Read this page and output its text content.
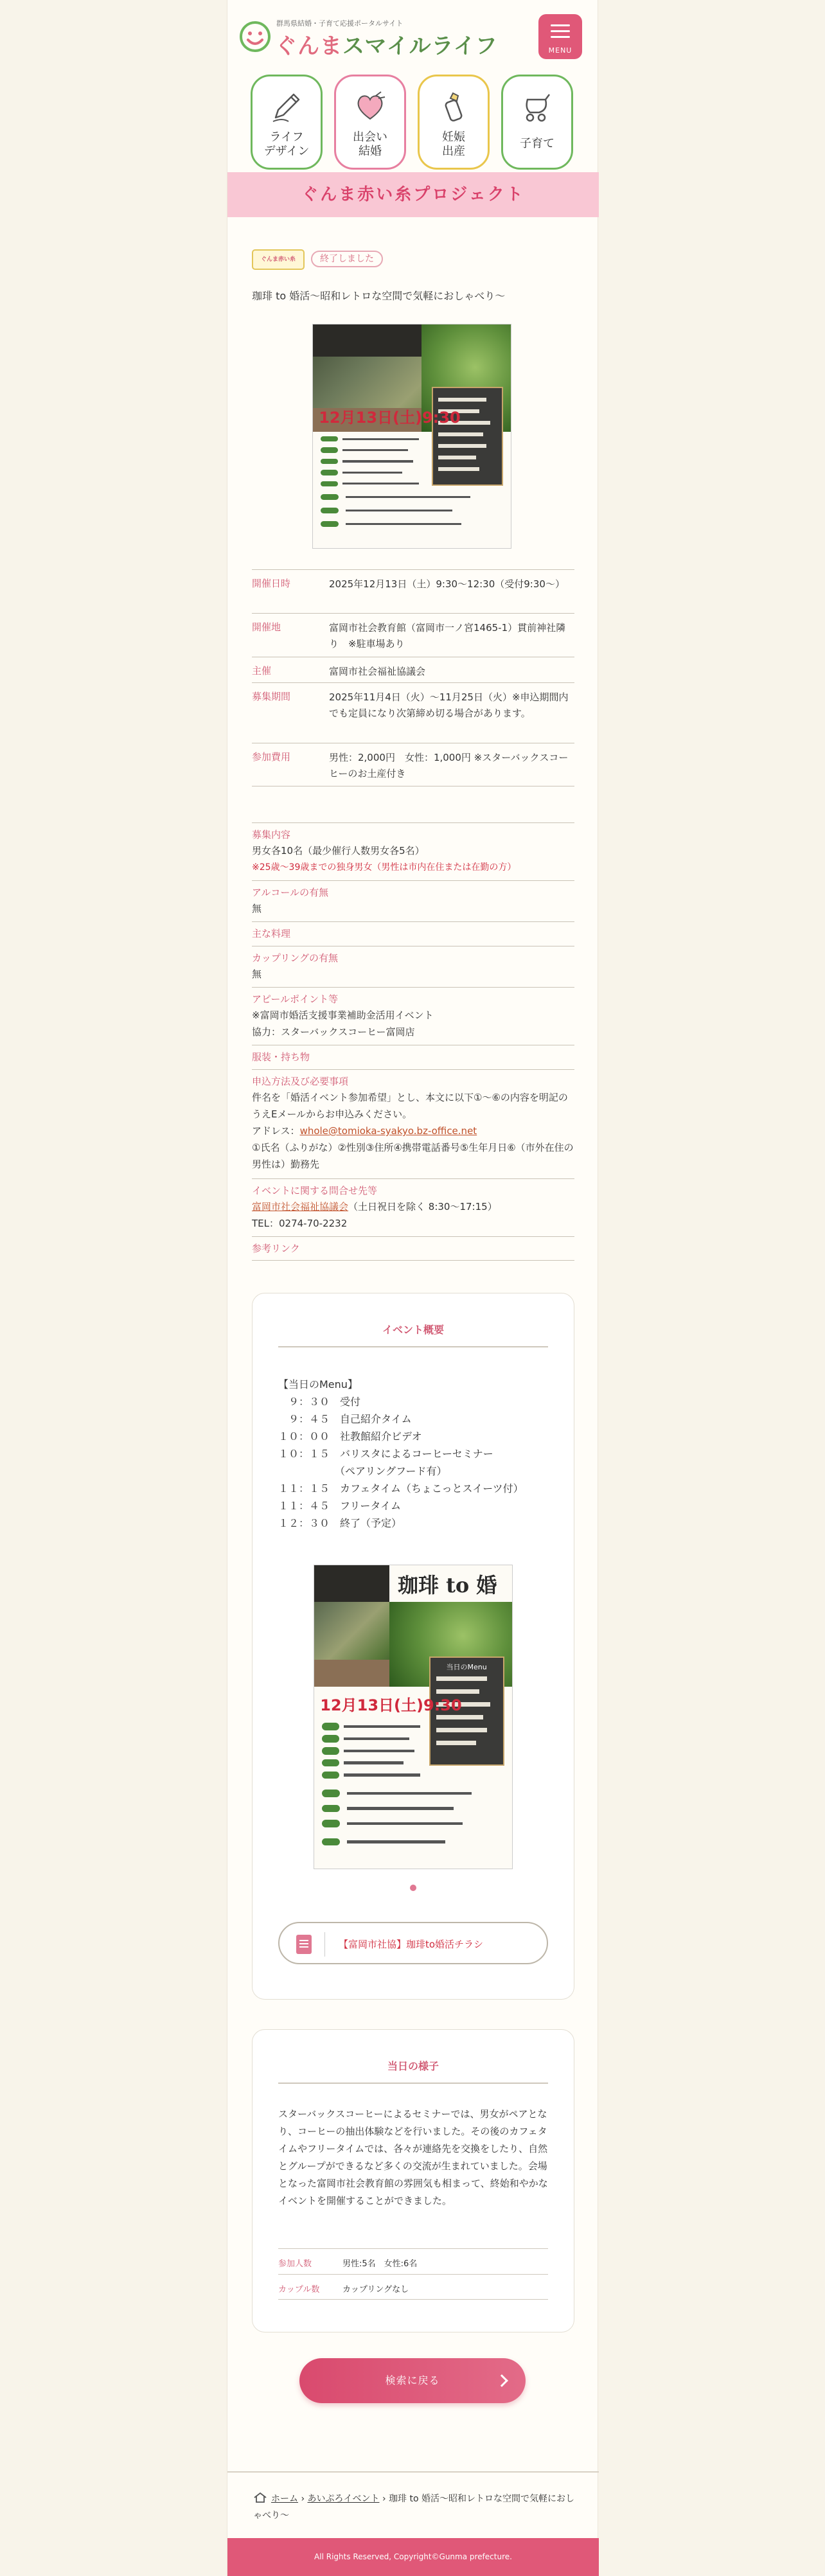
群馬県結婚・子育て応援ポータルサイト
ぐんまスマイルライフ	MENU
ライフ
デザイン
出会い
結婚
妊娠
出産
子育て
ぐんま赤い糸プロジェクト
ぐんま赤い糸	終了しました
珈琲 to 婚活〜昭和レトロな空間で気軽におしゃべり〜
12月13日(土)9:30
開催日時	2025年12月13日（土）9:30〜12:30（受付9:30〜）
開催地	富岡市社会教育館（富岡市一ノ宮1465-1）貫前神社隣り　※駐車場あり
主催	富岡市社会福祉協議会
募集期間	2025年11月4日（火）〜11月25日（火）※申込期間内でも定員になり次第締め切る場合があります。
参加費用	男性：2,000円　女性：1,000円 ※スターバックスコーヒーのお土産付き
募集内容
男女各10名（最少催行人数男女各5名）
※25歳〜39歳までの独身男女（男性は市内在住または在勤の方）
アルコールの有無
無
主な料理
カップリングの有無
無
アピールポイント等
※富岡市婚活支援事業補助金活用イベント
協力：スターバックスコーヒー富岡店
服装・持ち物
申込方法及び必要事項
件名を「婚活イベント参加希望」とし、本文に以下①〜⑥の内容を明記のうえEメールからお申込みください。
アドレス：whole@tomioka-syakyo.bz-office.net
①氏名（ふりがな）②性別③住所④携帯電話番号⑤生年月日⑥（市外在住の男性は）勤務先
イベントに関する問合せ先等
富岡市社会福祉協議会（土日祝日を除く 8:30〜17:15）
TEL：0274-70-2232
参考リンク
イベント概要
【当日のMenu】
　９：３０　受付
　９：４５　自己紹介タイム
１０：００　社教館紹介ビデオ
１０：１５　バリスタによるコーヒーセミナー
　　　　　　（ペアリングフード有）
１１：１５　カフェタイム（ちょこっとスイーツ付）
１１：４５　フリータイム
１２：３０　終了（予定）
珈琲 to 婚
当日のMenu
12月13日(土)9:30
【富岡市社協】珈琲to婚活チラシ
当日の様子
スターバックスコーヒーによるセミナーでは、男女がペアとなり、コーヒーの抽出体験などを行いました。その後のカフェタイムやフリータイムでは、各々が連絡先を交換をしたり、自然とグループができるなど多くの交流が生まれていました。会場となった富岡市社会教育館の雰囲気も相まって、終始和やかなイベントを開催することができました。
参加人数	男性:5名　女性:6名
カップル数	カップリングなし
検索に戻る
ホーム › あいぷろイベント › 珈琲 to 婚活〜昭和レトロな空間で気軽におしゃべり〜
All Rights Reserved, Copyright©Gunma prefecture.
